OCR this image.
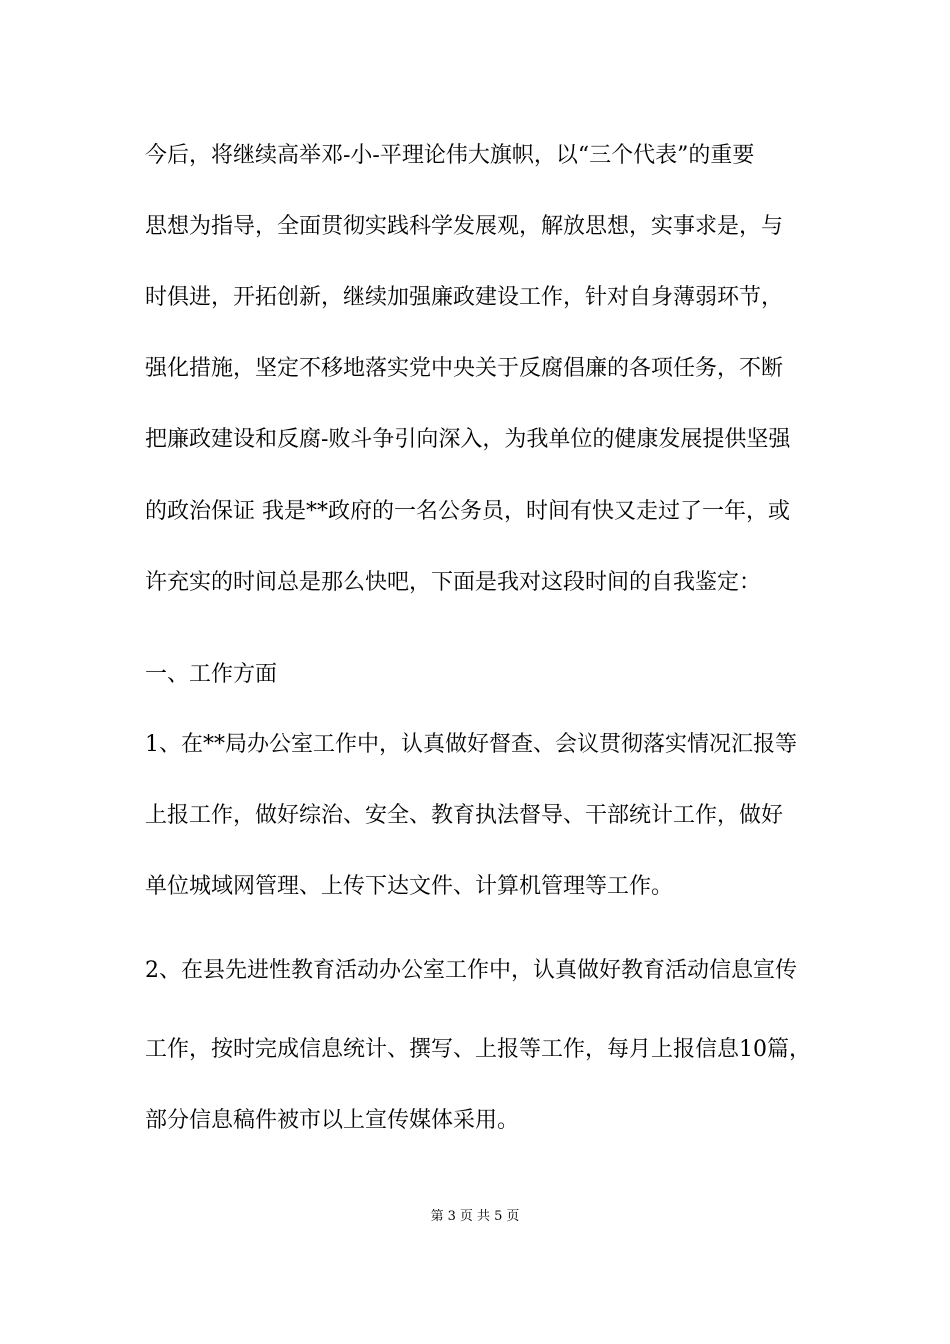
今后，将继续高举邓-小-平理论伟大旗帜，以“三个代表”的重要
思想为指导，全面贯彻实践科学发展观，解放思想，实事求是，与
时俱进，开拓创新，继续加强廉政建设工作，针对自身薄弱环节，
强化措施，坚定不移地落实党中央关于反腐倡廉的各项任务，不断
把廉政建设和反腐-败斗争引向深入，为我单位的健康发展提供坚强
的政治保证 我是**政府的一名公务员，时间有快又走过了一年，或
许充实的时间总是那么快吧，下面是我对这段时间的自我鉴定：
一、工作方面
1、在**局办公室工作中，认真做好督查、会议贯彻落实情况汇报等
上报工作，做好综治、安全、教育执法督导、干部统计工作，做好
单位城域网管理、上传下达文件、计算机管理等工作。
2、在县先进性教育活动办公室工作中，认真做好教育活动信息宣传
工作，按时完成信息统计、撰写、上报等工作，每月上报信息10篇，
部分信息稿件被市以上宣传媒体采用。
第 3 页 共 5 页
